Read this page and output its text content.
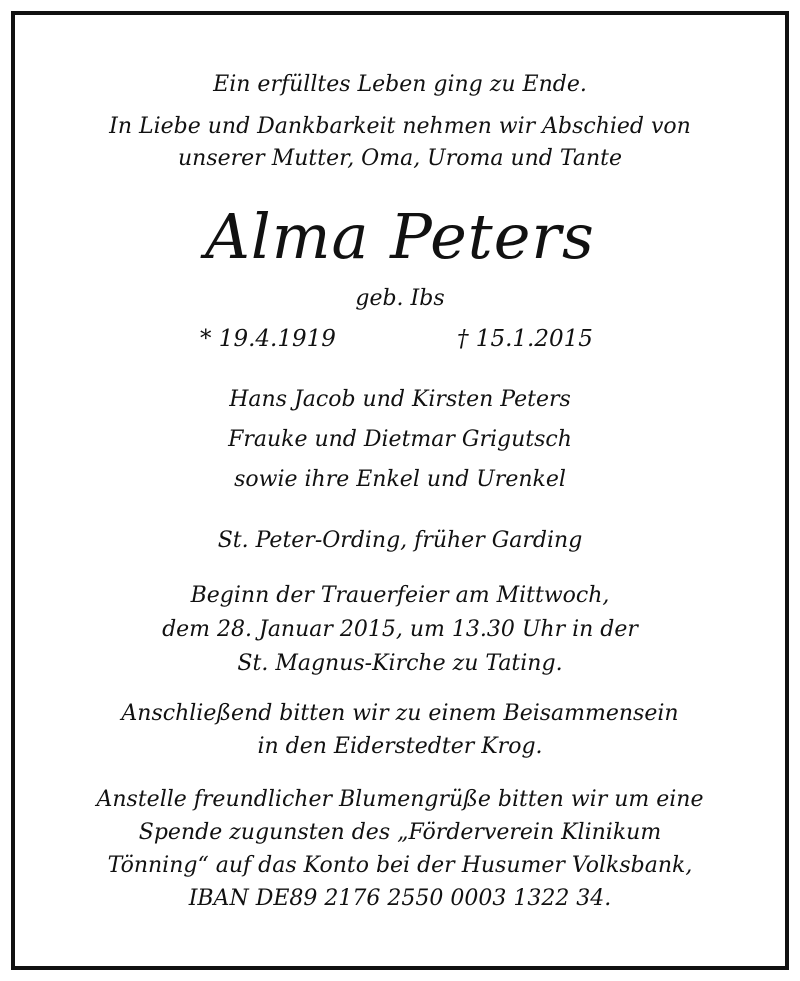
Ein erfülltes Leben ging zu Ende.
In Liebe und Dankbarkeit nehmen wir Abschied von
unserer Mutter, Oma, Uroma und Tante
Alma Peters
geb. Ibs
* 19.4.1919	† 15.1.2015
Hans Jacob und Kirsten Peters
Frauke und Dietmar Grigutsch
sowie ihre Enkel und Urenkel
St. Peter-Ording, früher Garding
Beginn der Trauerfeier am Mittwoch,
dem 28. Januar 2015, um 13.30 Uhr in der
St. Magnus-Kirche zu Tating.
Anschließend bitten wir zu einem Beisammensein
in den Eiderstedter Krog.
Anstelle freundlicher Blumengrüße bitten wir um eine
Spende zugunsten des „Förderverein Klinikum
Tönning“ auf das Konto bei der Husumer Volksbank,
IBAN DE89 2176 2550 0003 1322 34.
